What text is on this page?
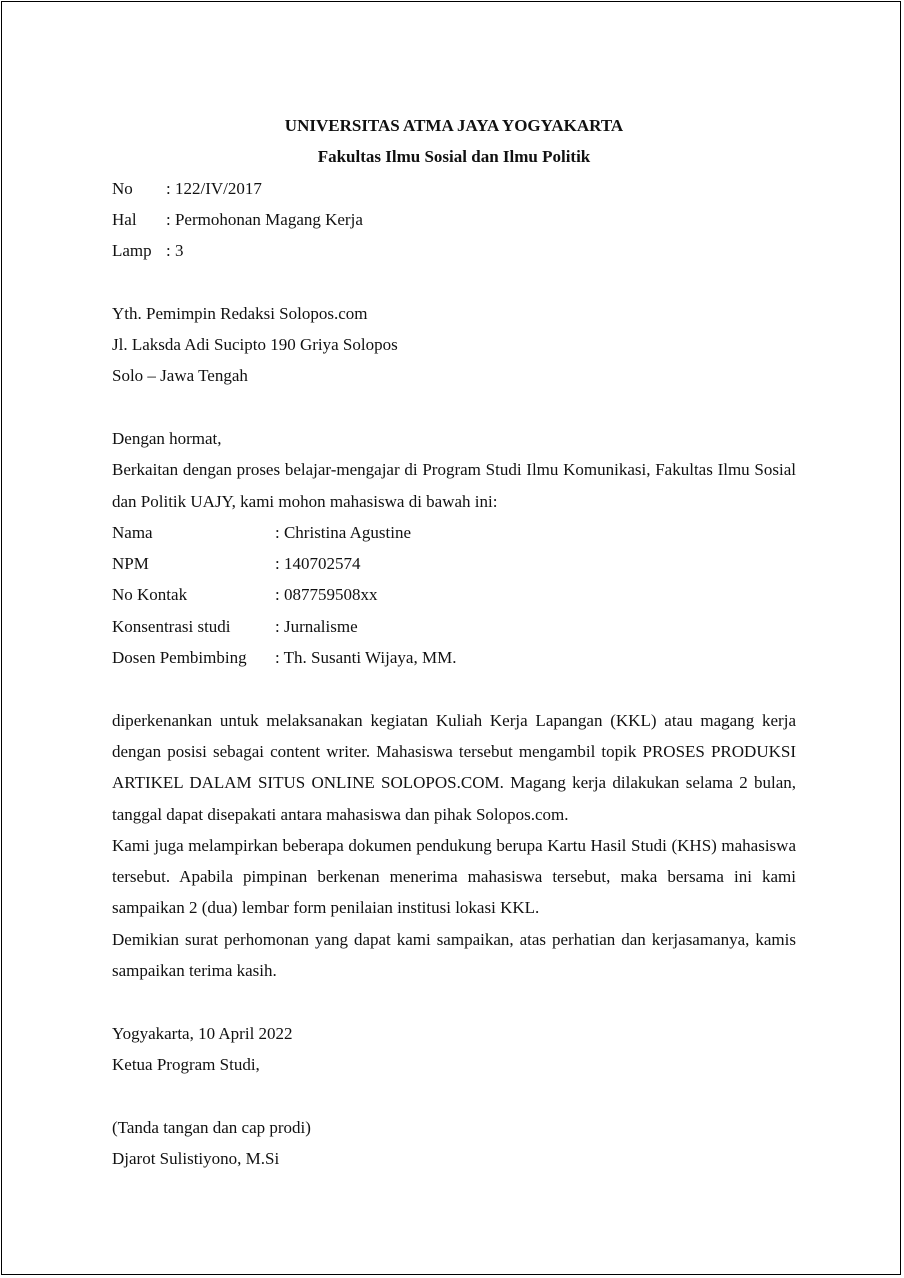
UNIVERSITAS ATMA JAYA YOGYAKARTA
Fakultas Ilmu Sosial dan Ilmu Politik
No	: 122/IV/2017
Hal	: Permohonan Magang Kerja
Lamp : 3
Yth. Pemimpin Redaksi Solopos.com
Jl. Laksda Adi Sucipto 190 Griya Solopos
Solo – Jawa Tengah
Dengan hormat,

Berkaitan dengan proses belajar-mengajar di Program Studi Ilmu Komunikasi, Fakultas Ilmu Sosial dan Politik UAJY, kami mohon mahasiswa di bawah ini:

Nama	: Christina Agustine
NPM	: 140702574
No Kontak	: 087759508xx
Konsentrasi studi	: Jurnalisme
Dosen Pembimbing	: Th. Susanti Wijaya, MM.

diperkenankan untuk melaksanakan kegiatan Kuliah Kerja Lapangan (KKL) atau magang kerja dengan posisi sebagai content writer. Mahasiswa tersebut mengambil topik PROSES PRODUKSI ARTIKEL DALAM SITUS ONLINE SOLOPOS.COM. Magang kerja dilakukan selama 2 bulan, tanggal dapat disepakati antara mahasiswa dan pihak Solopos.com.

Kami juga melampirkan beberapa dokumen pendukung berupa Kartu Hasil Studi (KHS) mahasiswa tersebut. Apabila pimpinan berkenan menerima mahasiswa tersebut, maka bersama ini kami sampaikan 2 (dua) lembar form penilaian institusi lokasi KKL.

Demikian surat perhomonan yang dapat kami sampaikan, atas perhatian dan kerjasamanya, kamis sampaikan terima kasih.

Yogyakarta, 10 April 2022
Ketua Program Studi,
(Tanda tangan dan cap prodi)
Djarot Sulistiyono, M.Si
